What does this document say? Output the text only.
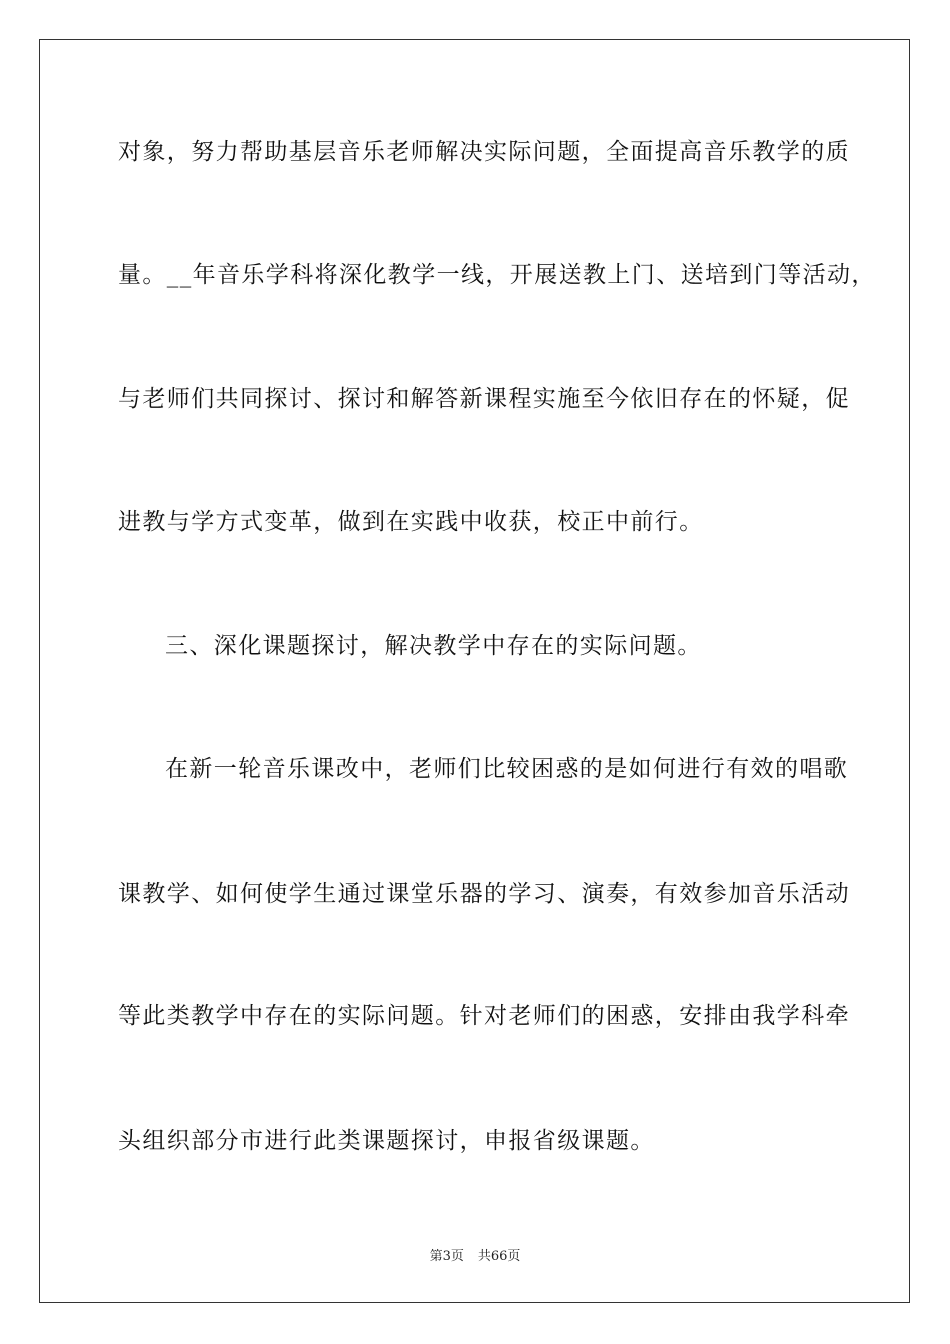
对象，努力帮助基层音乐老师解决实际问题，全面提高音乐教学的质
量。__年音乐学科将深化教学一线，开展送教上门、送培到门等活动，
与老师们共同探讨、探讨和解答新课程实施至今依旧存在的怀疑，促
进教与学方式变革，做到在实践中收获，校正中前行。
三、深化课题探讨，解决教学中存在的实际问题。
在新一轮音乐课改中，老师们比较困惑的是如何进行有效的唱歌
课教学、如何使学生通过课堂乐器的学习、演奏，有效参加音乐活动
等此类教学中存在的实际问题。针对老师们的困惑，安排由我学科牵
头组织部分市进行此类课题探讨，申报省级课题。
第3页 共66页
